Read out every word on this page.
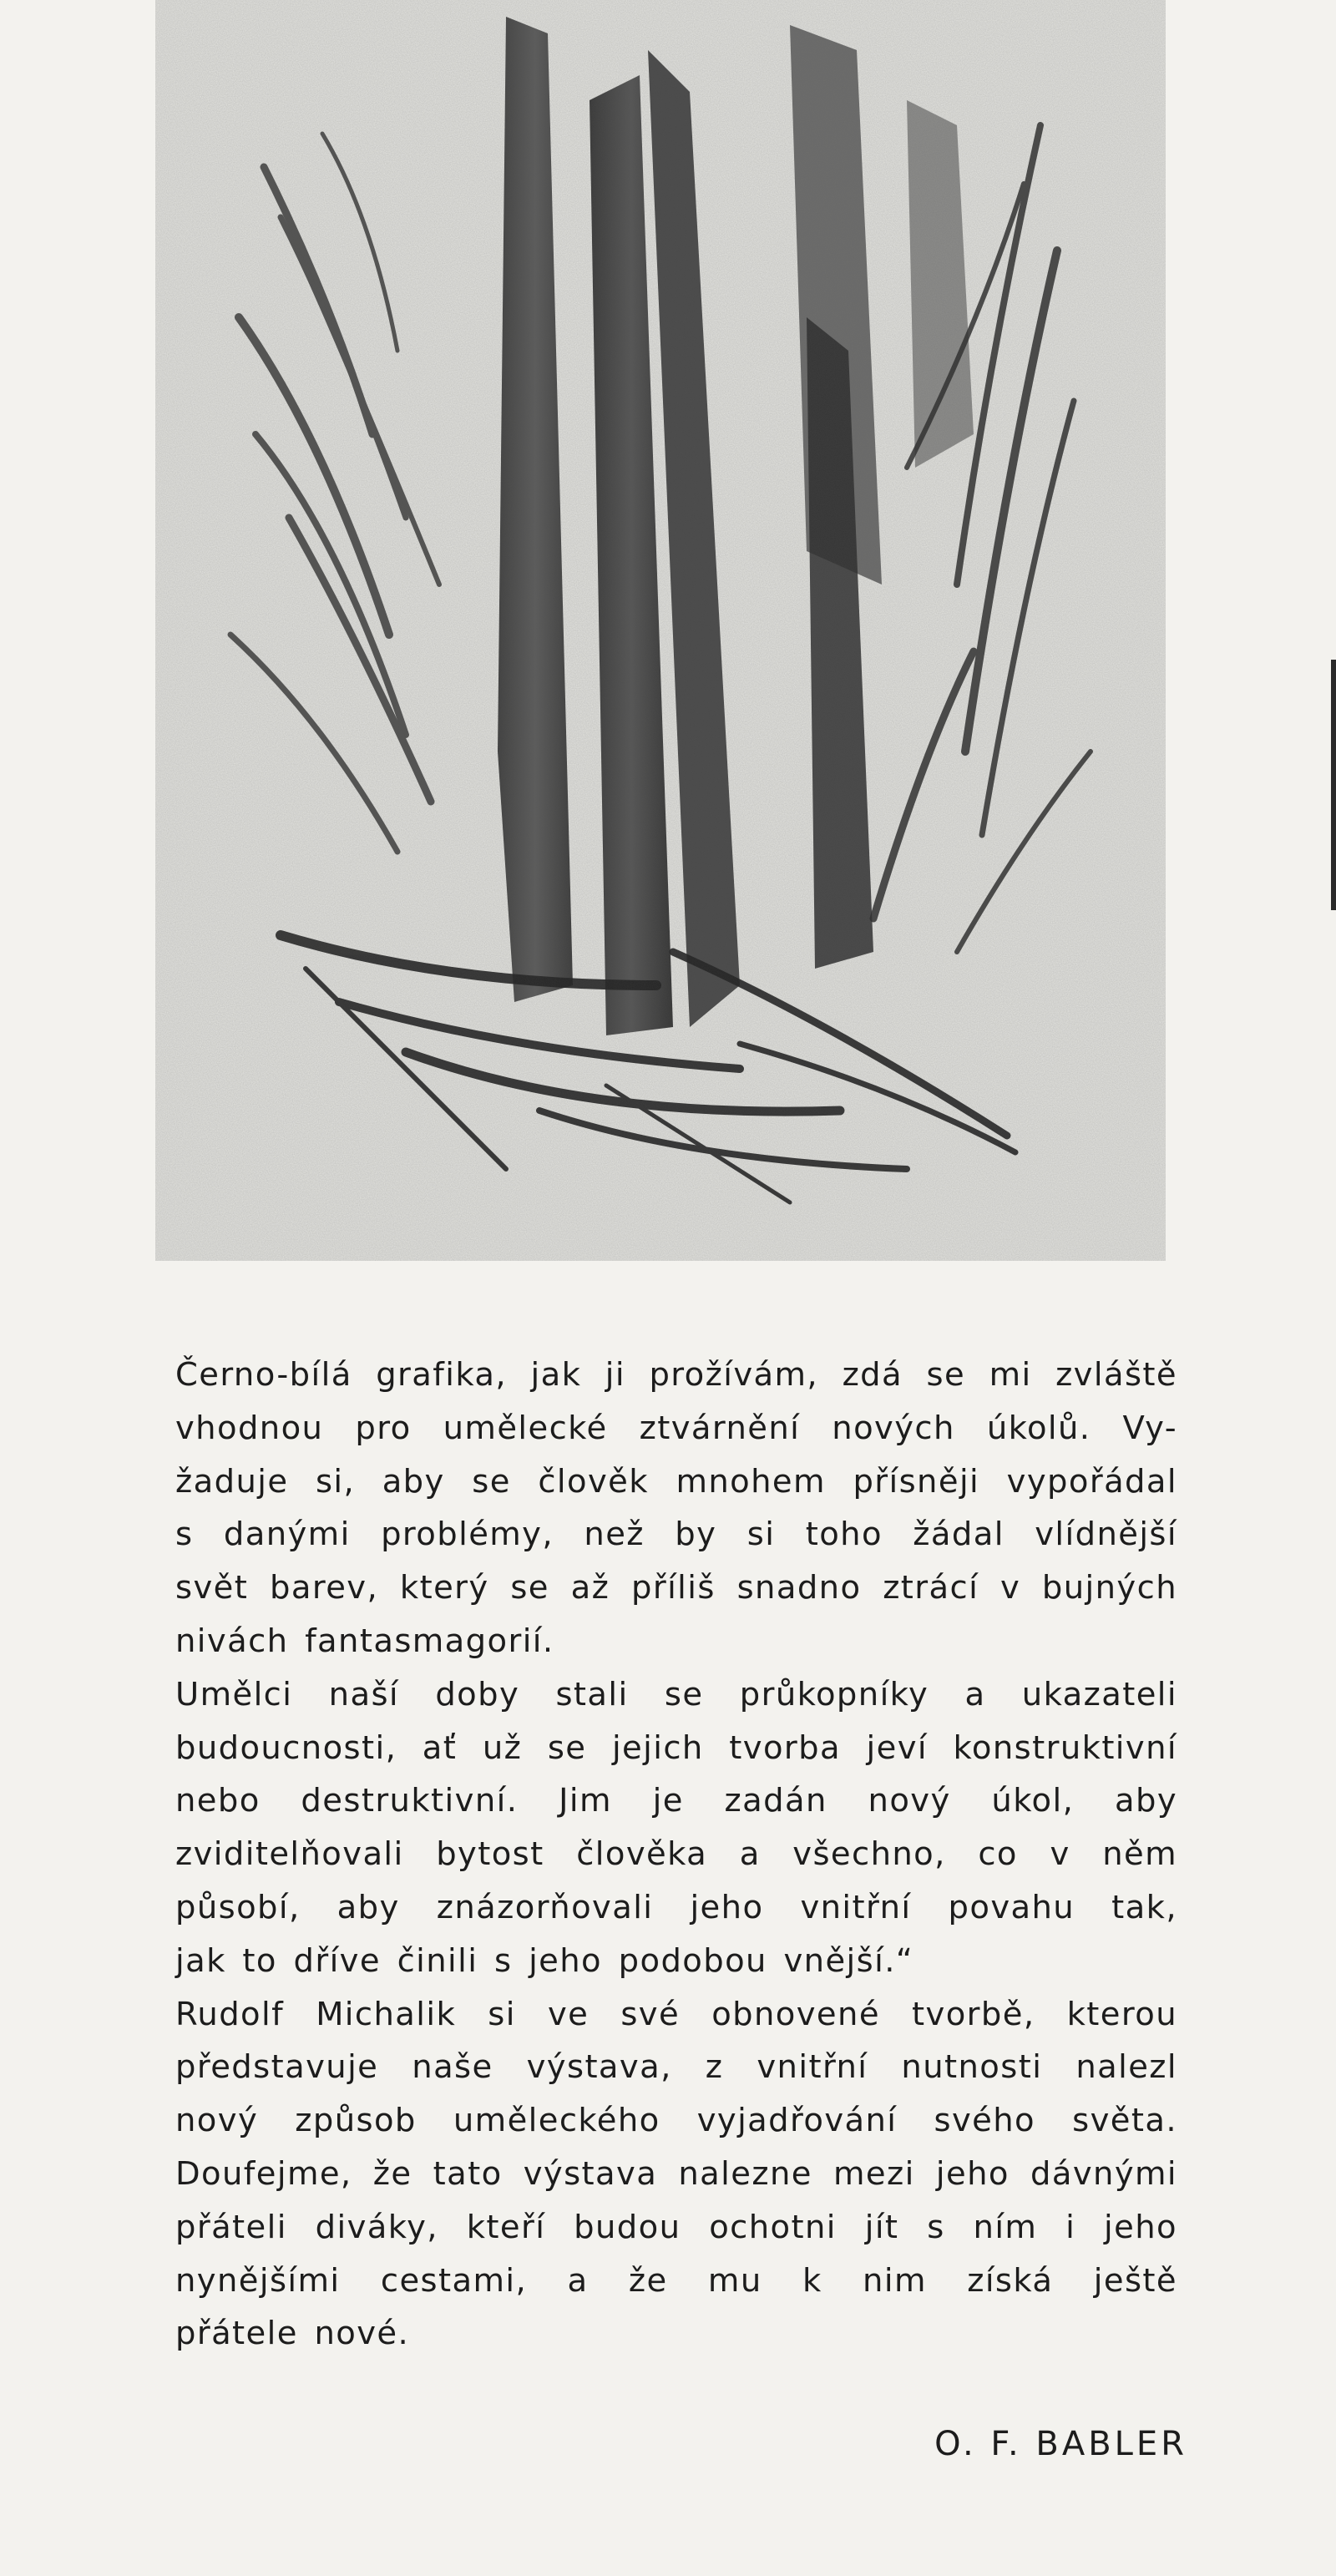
Černo-bílá grafika, jak ji prožívám, zdá se mi zvláště
vhodnou pro umělecké ztvárnění nových úkolů. Vy-
žaduje si, aby se člověk mnohem přísněji vypořádal
s danými problémy, než by si toho žádal vlídnější
svět barev, který se až příliš snadno ztrácí v bujných
nivách fantasmagorií.
Umělci naší doby stali se průkopníky a ukazateli
budoucnosti, ať už se jejich tvorba jeví konstruktivní
nebo destruktivní. Jim je zadán nový úkol, aby
zviditelňovali bytost člověka a všechno, co v něm
působí, aby znázorňovali jeho vnitřní povahu tak,
jak to dříve činili s jeho podobou vnější.“
Rudolf Michalik si ve své obnovené tvorbě, kterou
představuje naše výstava, z vnitřní nutnosti nalezl
nový způsob uměleckého vyjadřování svého světa.
Doufejme, že tato výstava nalezne mezi jeho dávnými
přáteli diváky, kteří budou ochotni jít s ním i jeho
nynějšími cestami, a že mu k nim získá ještě
přátele nové.
O. F. BABLER
